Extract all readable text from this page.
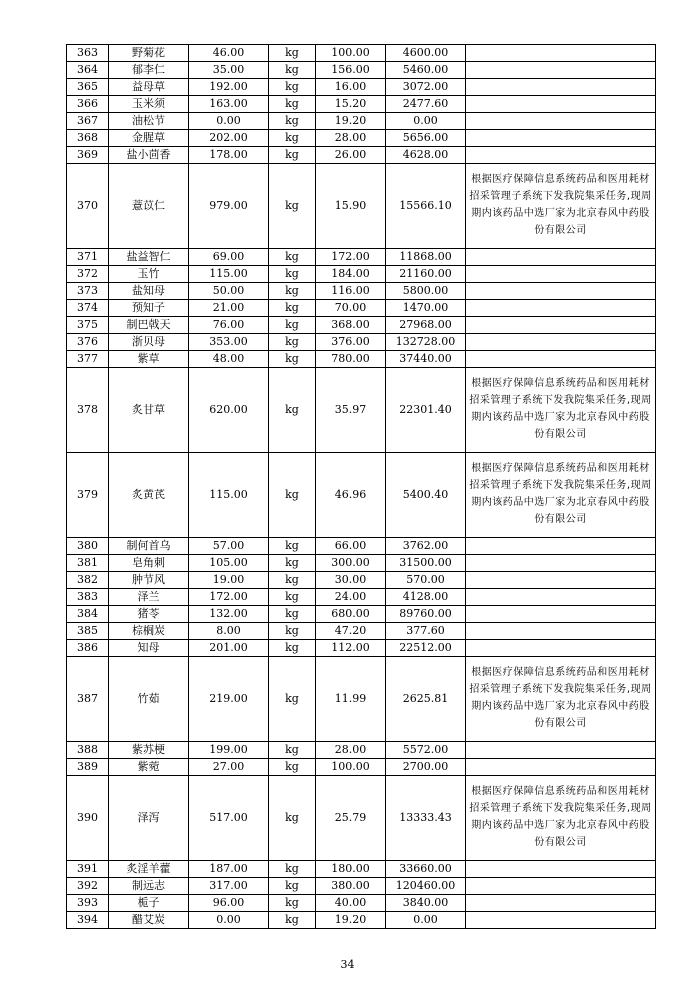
363	野菊花	46.00	kg	100.00	4600.00	
364	郁李仁	35.00	kg	156.00	5460.00	
365	益母草	192.00	kg	16.00	3072.00	
366	玉米须	163.00	kg	15.20	2477.60	
367	油松节	0.00	kg	19.20	0.00	
368	金腥草	202.00	kg	28.00	5656.00	
369	盐小茴香	178.00	kg	26.00	4628.00	
370	薏苡仁	979.00	kg	15.90	15566.10	根据医疗保障信息系统药品和医用耗材招采管理子系统下发我院集采任务,现周期内该药品中选厂家为北京春风中药股份有限公司
371	盐益智仁	69.00	kg	172.00	11868.00	
372	玉竹	115.00	kg	184.00	21160.00	
373	盐知母	50.00	kg	116.00	5800.00	
374	预知子	21.00	kg	70.00	1470.00	
375	制巴戟天	76.00	kg	368.00	27968.00	
376	浙贝母	353.00	kg	376.00	132728.00	
377	紫草	48.00	kg	780.00	37440.00	
378	炙甘草	620.00	kg	35.97	22301.40	根据医疗保障信息系统药品和医用耗材招采管理子系统下发我院集采任务,现周期内该药品中选厂家为北京春风中药股份有限公司
379	炙黄芪	115.00	kg	46.96	5400.40	根据医疗保障信息系统药品和医用耗材招采管理子系统下发我院集采任务,现周期内该药品中选厂家为北京春风中药股份有限公司
380	制何首乌	57.00	kg	66.00	3762.00	
381	皂角刺	105.00	kg	300.00	31500.00	
382	肿节风	19.00	kg	30.00	570.00	
383	泽兰	172.00	kg	24.00	4128.00	
384	猪苓	132.00	kg	680.00	89760.00	
385	棕榈炭	8.00	kg	47.20	377.60	
386	知母	201.00	kg	112.00	22512.00	
387	竹茹	219.00	kg	11.99	2625.81	根据医疗保障信息系统药品和医用耗材招采管理子系统下发我院集采任务,现周期内该药品中选厂家为北京春风中药股份有限公司
388	紫苏梗	199.00	kg	28.00	5572.00	
389	紫菀	27.00	kg	100.00	2700.00	
390	泽泻	517.00	kg	25.79	13333.43	根据医疗保障信息系统药品和医用耗材招采管理子系统下发我院集采任务,现周期内该药品中选厂家为北京春风中药股份有限公司
391	炙淫羊藿	187.00	kg	180.00	33660.00	
392	制远志	317.00	kg	380.00	120460.00	
393	栀子	96.00	kg	40.00	3840.00	
394	醋艾炭	0.00	kg	19.20	0.00	
34
